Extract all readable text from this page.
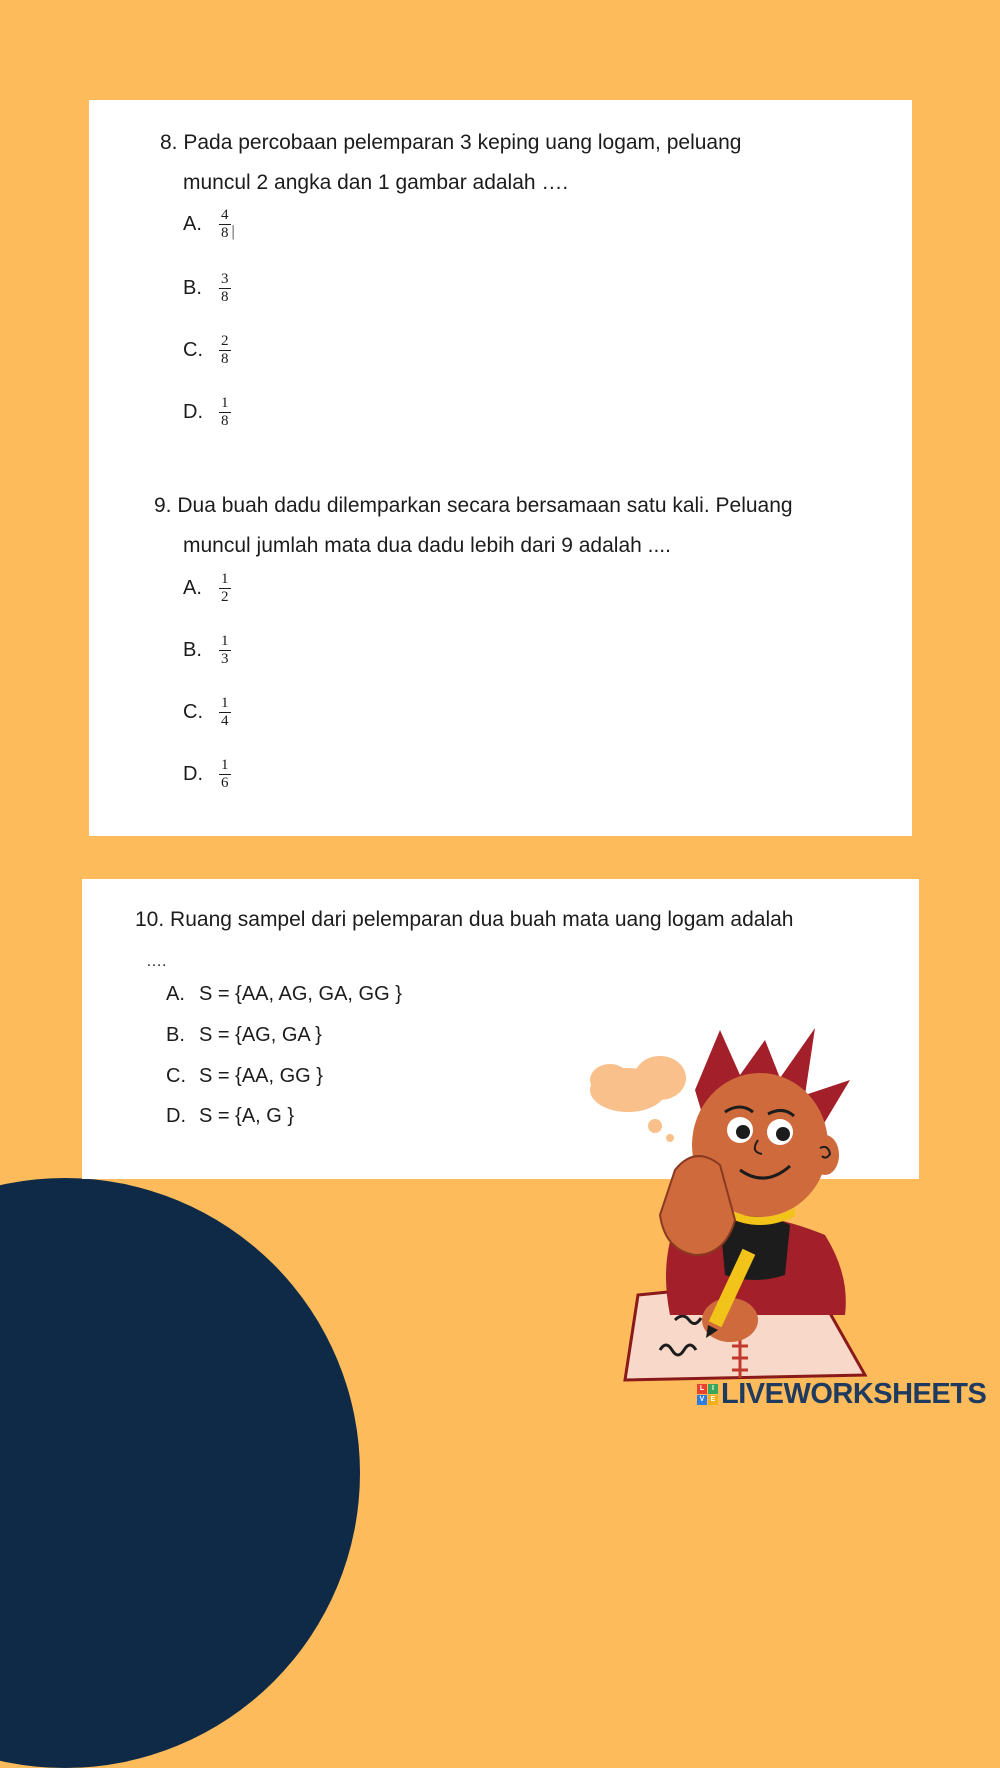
8. Pada percobaan pelemparan 3 keping uang logam, peluang
muncul 2 angka dan 1 gambar adalah ….
A.	$\frac{4}{8}$ |
B.	$\frac{3}{8}$
C.	$\frac{2}{8}$
D.	$\frac{1}{8}$
9. Dua buah dadu dilemparkan secara bersamaan satu kali. Peluang
muncul jumlah mata dua dadu lebih dari 9 adalah ....
A.	$\frac{1}{2}$
B.	$\frac{1}{3}$
C.	$\frac{1}{4}$
D.	$\frac{1}{6}$
10. Ruang sampel dari pelemparan dua buah mata uang logam adalah
….
A. S = {AA, AG, GA, GG }
B. S = {AG, GA }
C. S = {AA, GG }
D. S = {A, G }
L	I
V E LIVEWORKSHEETS
